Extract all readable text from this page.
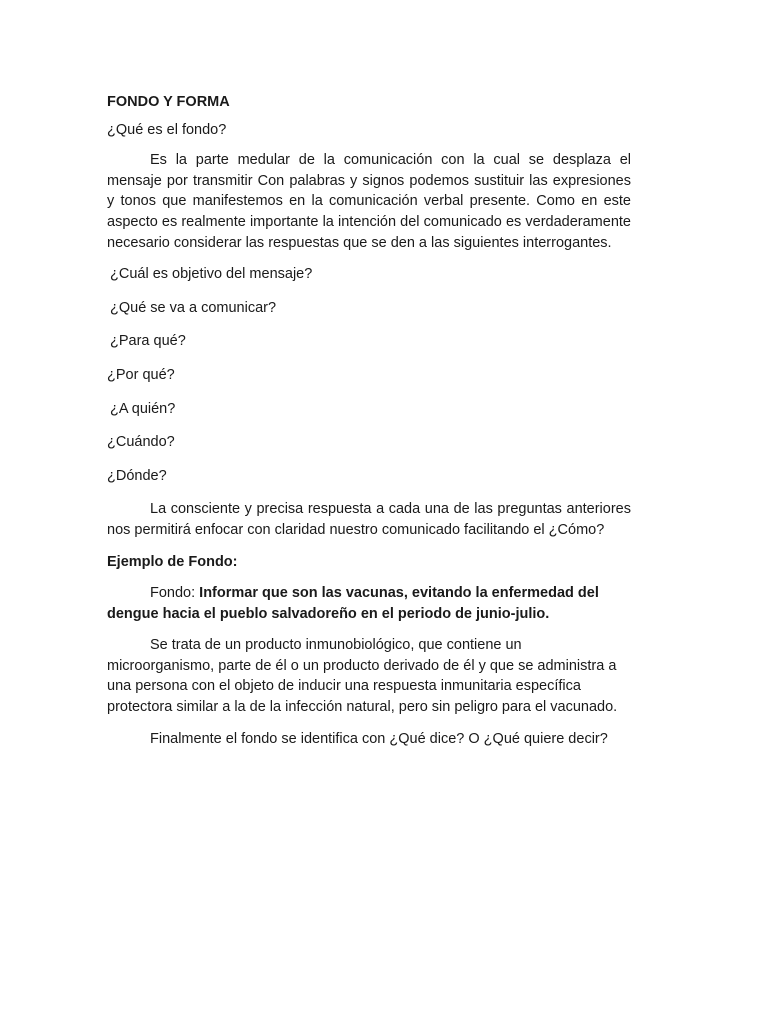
FONDO Y FORMA

¿Qué es el fondo?

Es la parte medular de la comunicación con la cual se desplaza el mensaje por transmitir Con palabras y signos podemos sustituir las expresiones y tonos que manifestemos en la comunicación verbal presente. Como en este aspecto es realmente importante la intención del comunicado es verdaderamente necesario considerar las respuestas que se den a las siguientes interrogantes.

¿Cuál es objetivo del mensaje?

¿Qué se va a comunicar?

¿Para qué?

¿Por qué?

¿A quién?

¿Cuándo?

¿Dónde?

La consciente y precisa respuesta a cada una de las preguntas anteriores nos permitirá enfocar con claridad nuestro comunicado facilitando el ¿Cómo?

Ejemplo de Fondo:

Fondo: Informar que son las vacunas, evitando la enfermedad del dengue hacia el pueblo salvadoreño en el periodo de junio-julio.

Se trata de un producto inmunobiológico, que contiene un microorganismo, parte de él o un producto derivado de él y que se administra a una persona con el objeto de inducir una respuesta inmunitaria específica protectora similar a la de la infección natural, pero sin peligro para el vacunado.

Finalmente el fondo se identifica con ¿Qué dice? O ¿Qué quiere decir?
